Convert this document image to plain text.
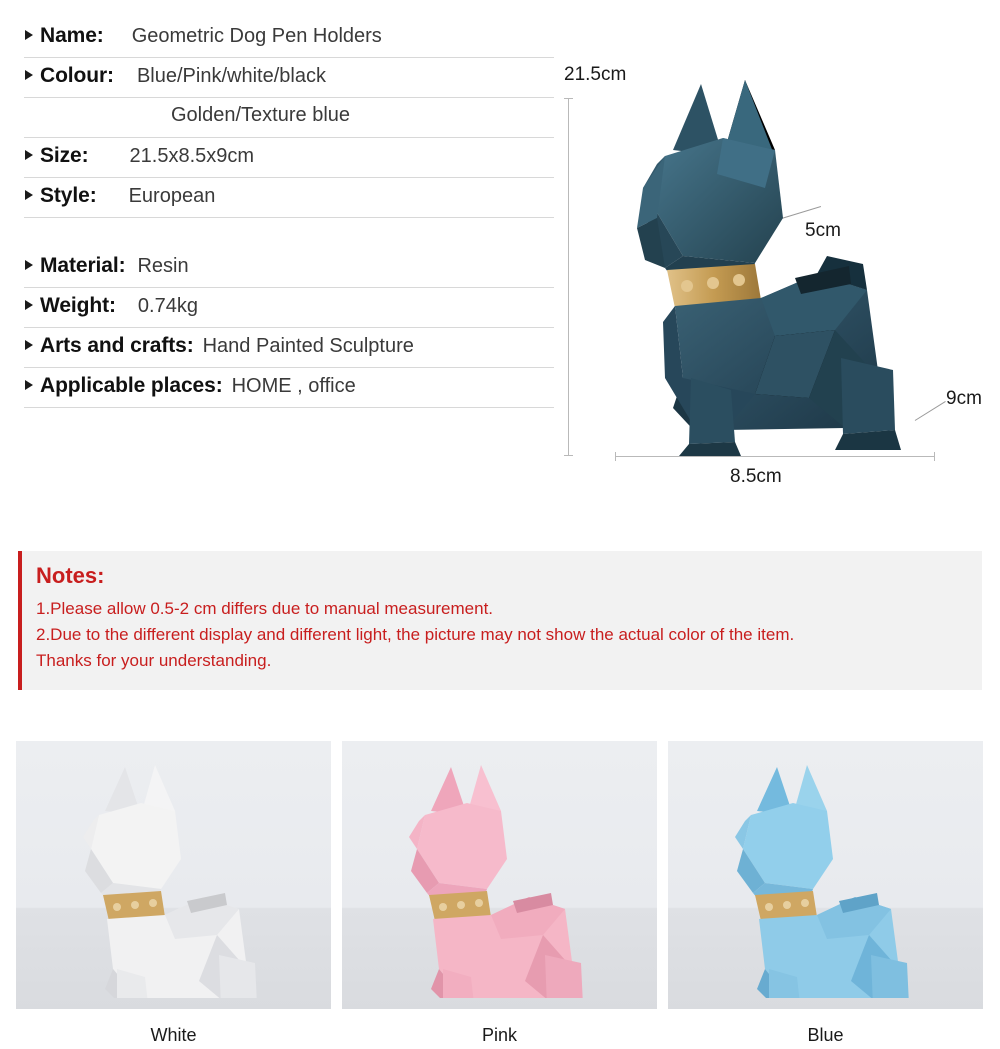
Name: Geometric Dog Pen Holders
Colour: Blue/Pink/white/black
Golden/Texture blue
Size: 21.5x8.5x9cm
Style: European
Material: Resin
Weight: 0.74kg
Arts and crafts: Hand Painted Sculpture
Applicable places: HOME , office
21.5cm
5cm
9cm
8.5cm
Notes:
1.Please allow 0.5-2 cm differs due to manual measurement.
2.Due to the different display and different light, the picture may not show the actual color of the item.
Thanks for your understanding.
White	Pink	Blue
